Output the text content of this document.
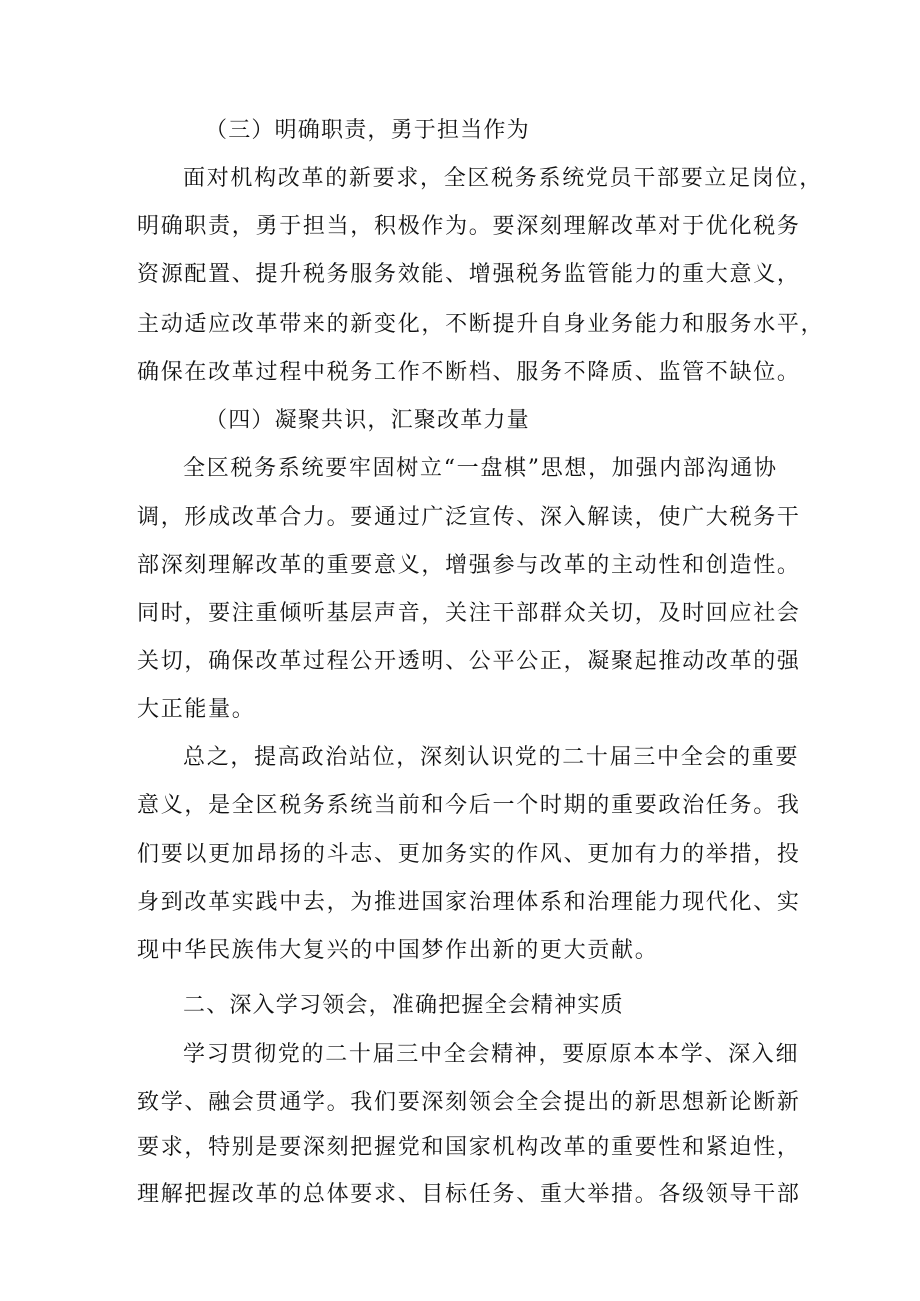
（三）明确职责，勇于担当作为
面对机构改革的新要求，全区税务系统党员干部要立足岗位，
明确职责，勇于担当，积极作为。要深刻理解改革对于优化税务
资源配置、提升税务服务效能、增强税务监管能力的重大意义，
主动适应改革带来的新变化，不断提升自身业务能力和服务水平，
确保在改革过程中税务工作不断档、服务不降质、监管不缺位。
（四）凝聚共识，汇聚改革力量
全区税务系统要牢固树立“一盘棋”思想，加强内部沟通协
调，形成改革合力。要通过广泛宣传、深入解读，使广大税务干
部深刻理解改革的重要意义，增强参与改革的主动性和创造性。
同时，要注重倾听基层声音，关注干部群众关切，及时回应社会
关切，确保改革过程公开透明、公平公正，凝聚起推动改革的强
大正能量。
总之，提高政治站位，深刻认识党的二十届三中全会的重要
意义，是全区税务系统当前和今后一个时期的重要政治任务。我
们要以更加昂扬的斗志、更加务实的作风、更加有力的举措，投
身到改革实践中去，为推进国家治理体系和治理能力现代化、实
现中华民族伟大复兴的中国梦作出新的更大贡献。
二、深入学习领会，准确把握全会精神实质
学习贯彻党的二十届三中全会精神，要原原本本学、深入细
致学、融会贯通学。我们要深刻领会全会提出的新思想新论断新
要求，特别是要深刻把握党和国家机构改革的重要性和紧迫性，
理解把握改革的总体要求、目标任务、重大举措。各级领导干部
